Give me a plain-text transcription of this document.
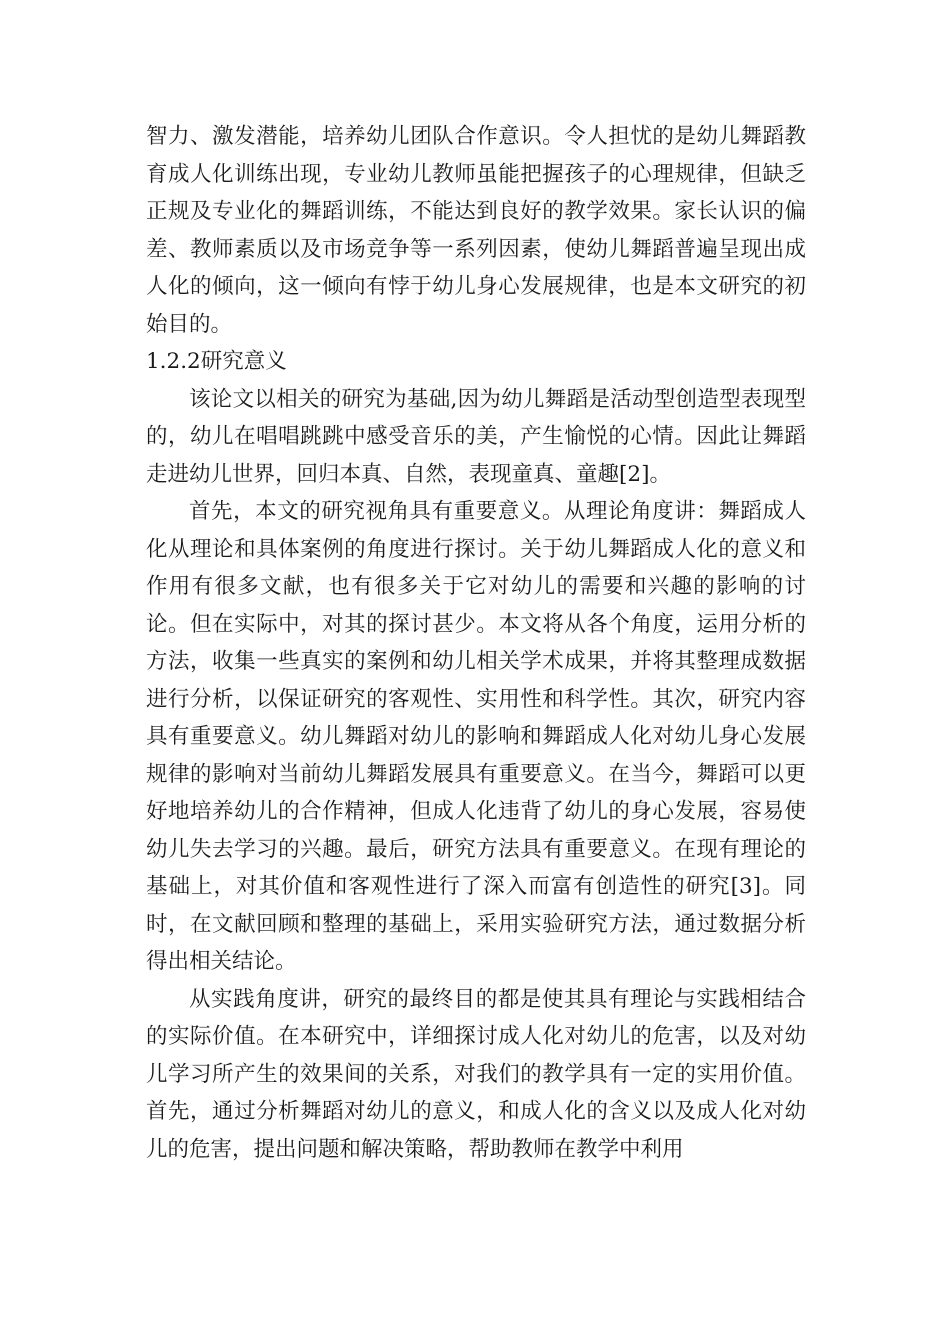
智力、激发潜能，培养幼儿团队合作意识。令人担忧的是幼儿舞蹈教育成人化训练出现，专业幼儿教师虽能把握孩子的心理规律，但缺乏正规及专业化的舞蹈训练，不能达到良好的教学效果。家长认识的偏差、教师素质以及市场竞争等一系列因素，使幼儿舞蹈普遍呈现出成人化的倾向，这一倾向有悖于幼儿身心发展规律，也是本文研究的初始目的。

1.2.2研究意义

该论文以相关的研究为基础,因为幼儿舞蹈是活动型创造型表现型的，幼儿在唱唱跳跳中感受音乐的美，产生愉悦的心情。因此让舞蹈走进幼儿世界，回归本真、自然，表现童真、童趣[2]。

首先，本文的研究视角具有重要意义。从理论角度讲：舞蹈成人化从理论和具体案例的角度进行探讨。关于幼儿舞蹈成人化的意义和作用有很多文献，也有很多关于它对幼儿的需要和兴趣的影响的讨论。但在实际中，对其的探讨甚少。本文将从各个角度，运用分析的方法，收集一些真实的案例和幼儿相关学术成果，并将其整理成数据进行分析，以保证研究的客观性、实用性和科学性。其次，研究内容具有重要意义。幼儿舞蹈对幼儿的影响和舞蹈成人化对幼儿身心发展规律的影响对当前幼儿舞蹈发展具有重要意义。在当今，舞蹈可以更好地培养幼儿的合作精神，但成人化违背了幼儿的身心发展，容易使幼儿失去学习的兴趣。最后，研究方法具有重要意义。在现有理论的基础上，对其价值和客观性进行了深入而富有创造性的研究[3]。同时，在文献回顾和整理的基础上，采用实验研究方法，通过数据分析得出相关结论。

从实践角度讲，研究的最终目的都是使其具有理论与实践相结合的实际价值。在本研究中，详细探讨成人化对幼儿的危害，以及对幼儿学习所产生的效果间的关系，对我们的教学具有一定的实用价值。首先，通过分析舞蹈对幼儿的意义，和成人化的含义以及成人化对幼儿的危害，提出问题和解决策略，帮助教师在教学中利用
